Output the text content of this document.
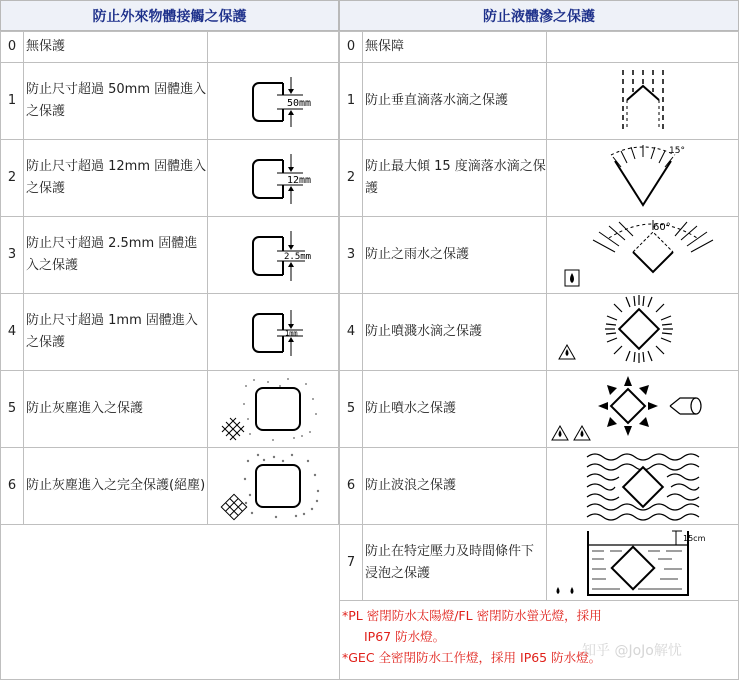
防止外來物體接觸之保護	防止液體滲之保護
0 無保護
1
防止尺寸超過 50mm 固體進入之保護
50mm
2
防止尺寸超過 12mm 固體進入之保護
12mm
3
防止尺寸超過 2.5mm 固體進入之保護
2.5mm
4
防止尺寸超過 1mm 固體進入之保護
1mm
5 防止灰塵進入之保護
6 防止灰塵進入之完全保護(絕塵)
0 無保障
1 防止垂直滴落水滴之保護
2
防止最大傾 15 度滴落水滴之保護
15°
3 防止之雨水之保護
60°
4 防止噴濺水滴之保護
5 防止噴水之保護
6 防止波浪之保護
7
防止在特定壓力及時間條件下浸泡之保護
15cm
*PL 密閉防水太陽燈/FL 密閉防水螢光燈，採用
IP67 防水燈。
*GEC 全密閉防水工作燈，採用 IP65 防水燈。
知乎 @JoJo解忧
